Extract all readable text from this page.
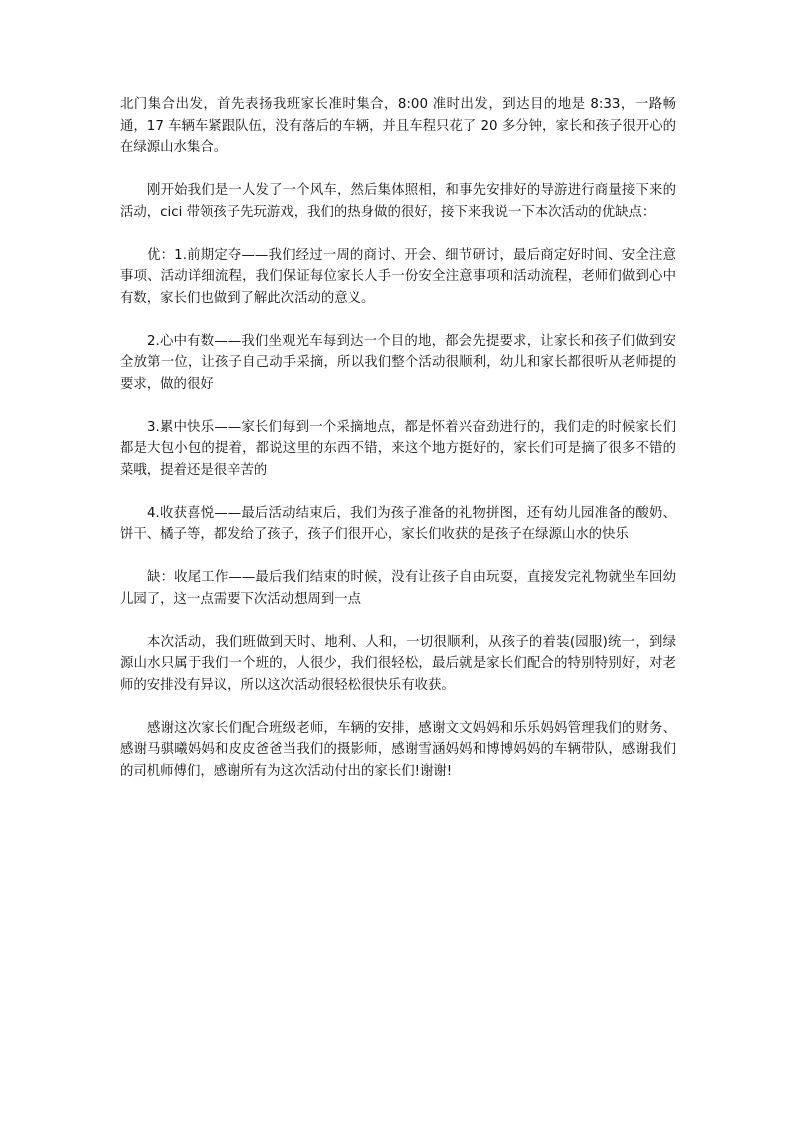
北门集合出发，首先表扬我班家长准时集合，8:00 准时出发，到达目的地是 8:33，一路畅通，17 车辆车紧跟队伍，没有落后的车辆，并且车程只花了 20 多分钟，家长和孩子很开心的在绿源山水集合。

刚开始我们是一人发了一个风车，然后集体照相，和事先安排好的导游进行商量接下来的活动，cici 带领孩子先玩游戏，我们的热身做的很好，接下来我说一下本次活动的优缺点：

优：1.前期定夺——我们经过一周的商讨、开会、细节研讨，最后商定好时间、安全注意事项、活动详细流程，我们保证每位家长人手一份安全注意事项和活动流程，老师们做到心中有数，家长们也做到了解此次活动的意义。

2.心中有数——我们坐观光车每到达一个目的地，都会先提要求，让家长和孩子们做到安全放第一位，让孩子自己动手采摘，所以我们整个活动很顺利，幼儿和家长都很听从老师提的要求，做的很好

3.累中快乐——家长们每到一个采摘地点，都是怀着兴奋劲进行的，我们走的时候家长们都是大包小包的提着，都说这里的东西不错，来这个地方挺好的，家长们可是摘了很多不错的菜哦，提着还是很辛苦的

4.收获喜悦——最后活动结束后，我们为孩子准备的礼物拼图，还有幼儿园准备的酸奶、饼干、橘子等，都发给了孩子，孩子们很开心，家长们收获的是孩子在绿源山水的快乐

缺：收尾工作——最后我们结束的时候，没有让孩子自由玩耍，直接发完礼物就坐车回幼儿园了，这一点需要下次活动想周到一点

本次活动，我们班做到天时、地利、人和，一切很顺利，从孩子的着装(园服)统一，到绿源山水只属于我们一个班的，人很少，我们很轻松，最后就是家长们配合的特别特别好，对老师的安排没有异议，所以这次活动很轻松很快乐有收获。

感谢这次家长们配合班级老师，车辆的安排，感谢文文妈妈和乐乐妈妈管理我们的财务、感谢马骐曦妈妈和皮皮爸爸当我们的摄影师，感谢雪涵妈妈和博博妈妈的车辆带队，感谢我们的司机师傅们，感谢所有为这次活动付出的家长们!谢谢!
